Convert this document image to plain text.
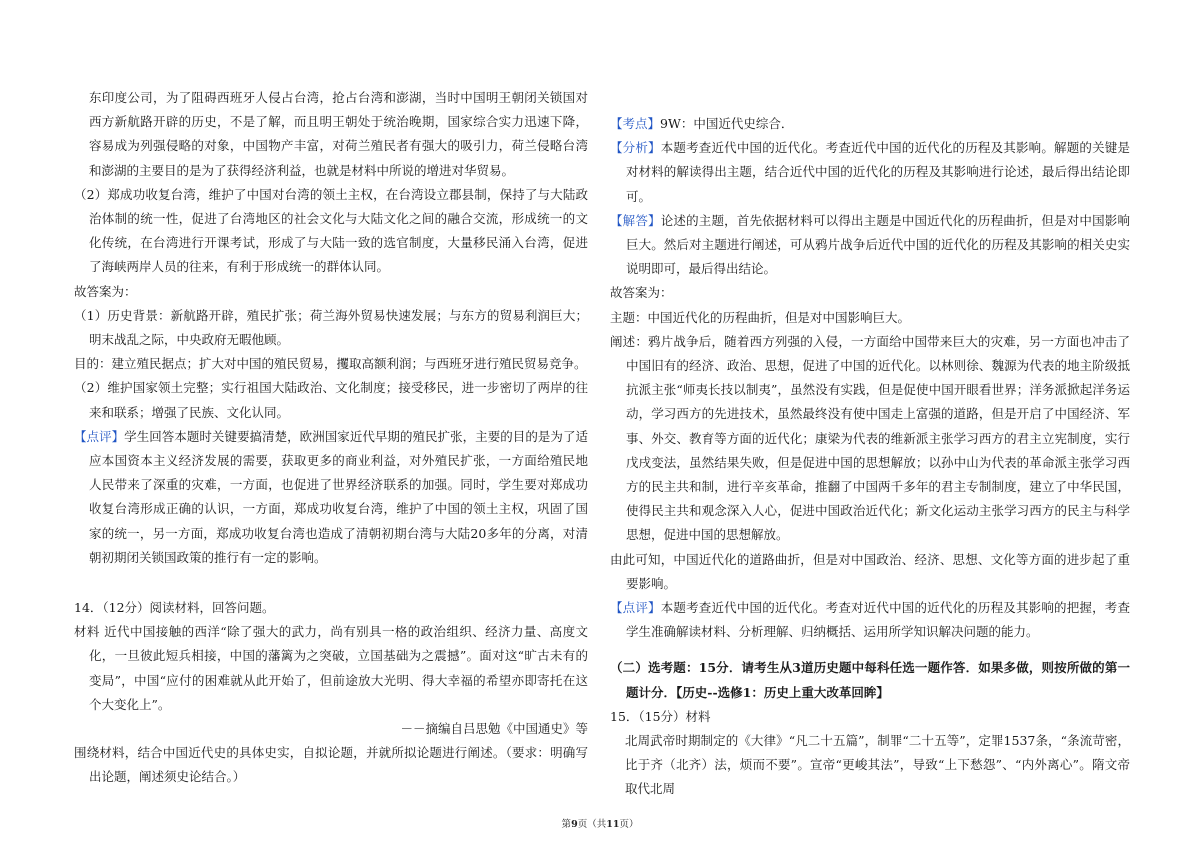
东印度公司，为了阻碍西班牙人侵占台湾，抢占台湾和澎湖，当时中国明王朝闭关锁国对西方新航路开辟的历史，不是了解，而且明王朝处于统治晚期，国家综合实力迅速下降，容易成为列强侵略的对象，中国物产丰富，对荷兰殖民者有强大的吸引力，荷兰侵略台湾和澎湖的主要目的是为了获得经济利益，也就是材料中所说的增进对华贸易。

（2）郑成功收复台湾，维护了中国对台湾的领土主权，在台湾设立郡县制，保持了与大陆政治体制的统一性，促进了台湾地区的社会文化与大陆文化之间的融合交流，形成统一的文化传统，在台湾进行开课考试，形成了与大陆一致的选官制度，大量移民涌入台湾，促进了海峡两岸人员的往来，有利于形成统一的群体认同。

故答案为：

（1）历史背景：新航路开辟，殖民扩张；荷兰海外贸易快速发展；与东方的贸易利润巨大；明末战乱之际，中央政府无暇他顾。

目的：建立殖民据点；扩大对中国的殖民贸易，攫取高额利润；与西班牙进行殖民贸易竞争。

（2）维护国家领土完整；实行祖国大陆政治、文化制度；接受移民，进一步密切了两岸的往来和联系；增强了民族、文化认同。

【点评】学生回答本题时关键要搞清楚，欧洲国家近代早期的殖民扩张，主要的目的是为了适应本国资本主义经济发展的需要，获取更多的商业利益，对外殖民扩张，一方面给殖民地人民带来了深重的灾难，一方面，也促进了世界经济联系的加强。同时，学生要对郑成功收复台湾形成正确的认识，一方面，郑成功收复台湾，维护了中国的领土主权，巩固了国家的统一，另一方面，郑成功收复台湾也造成了清朝初期台湾与大陆20多年的分离，对清朝初期闭关锁国政策的推行有一定的影响。

14．（12分）阅读材料，回答问题。

材料 近代中国接触的西洋“除了强大的武力，尚有别具一格的政治组织、经济力量、高度文化，一旦彼此短兵相接，中国的藩篱为之突破，立国基础为之震撼”。面对这“旷古未有的变局”，中国“应付的困难就从此开始了，但前途放大光明、得大幸福的希望亦即寄托在这个大变化上”。

－－摘编自吕思勉《中国通史》等

围绕材料，结合中国近代史的具体史实，自拟论题，并就所拟论题进行阐述。（要求：明确写出论题，阐述须史论结合。）

【考点】9W：中国近代史综合．

【分析】本题考查近代中国的近代化。考查近代中国的近代化的历程及其影响。解题的关键是对材料的解读得出主题，结合近代中国的近代化的历程及其影响进行论述，最后得出结论即可。

【解答】论述的主题，首先依据材料可以得出主题是中国近代化的历程曲折，但是对中国影响巨大。然后对主题进行阐述，可从鸦片战争后近代中国的近代化的历程及其影响的相关史实说明即可，最后得出结论。

故答案为：

主题：中国近代化的历程曲折，但是对中国影响巨大。

阐述：鸦片战争后，随着西方列强的入侵，一方面给中国带来巨大的灾难，另一方面也冲击了中国旧有的经济、政治、思想，促进了中国的近代化。以林则徐、魏源为代表的地主阶级抵抗派主张“师夷长技以制夷”，虽然没有实践，但是促使中国开眼看世界；洋务派掀起洋务运动，学习西方的先进技术，虽然最终没有使中国走上富强的道路，但是开启了中国经济、军事、外交、教育等方面的近代化；康梁为代表的维新派主张学习西方的君主立宪制度，实行戊戌变法，虽然结果失败，但是促进中国的思想解放；以孙中山为代表的革命派主张学习西方的民主共和制，进行辛亥革命，推翻了中国两千多年的君主专制制度，建立了中华民国，使得民主共和观念深入人心，促进中国政治近代化；新文化运动主张学习西方的民主与科学思想，促进中国的思想解放。

由此可知，中国近代化的道路曲折，但是对中国政治、经济、思想、文化等方面的进步起了重要影响。

【点评】本题考查近代中国的近代化。考查对近代中国的近代化的历程及其影响的把握，考查学生准确解读材料、分析理解、归纳概括、运用所学知识解决问题的能力。

（二）选考题：15分．请考生从3道历史题中每科任选一题作答．如果多做，则按所做的第一题计分．【历史--选修1：历史上重大改革回眸】

15．（15分）材料

北周武帝时期制定的《大律》“凡二十五篇”，制罪“二十五等”，定罪1537条，“条流苛密，比于齐（北齐）法，烦而不要”。宣帝“更峻其法”，导致“上下愁怨”、“内外离心”。隋文帝取代北周

第9页（共11页）
